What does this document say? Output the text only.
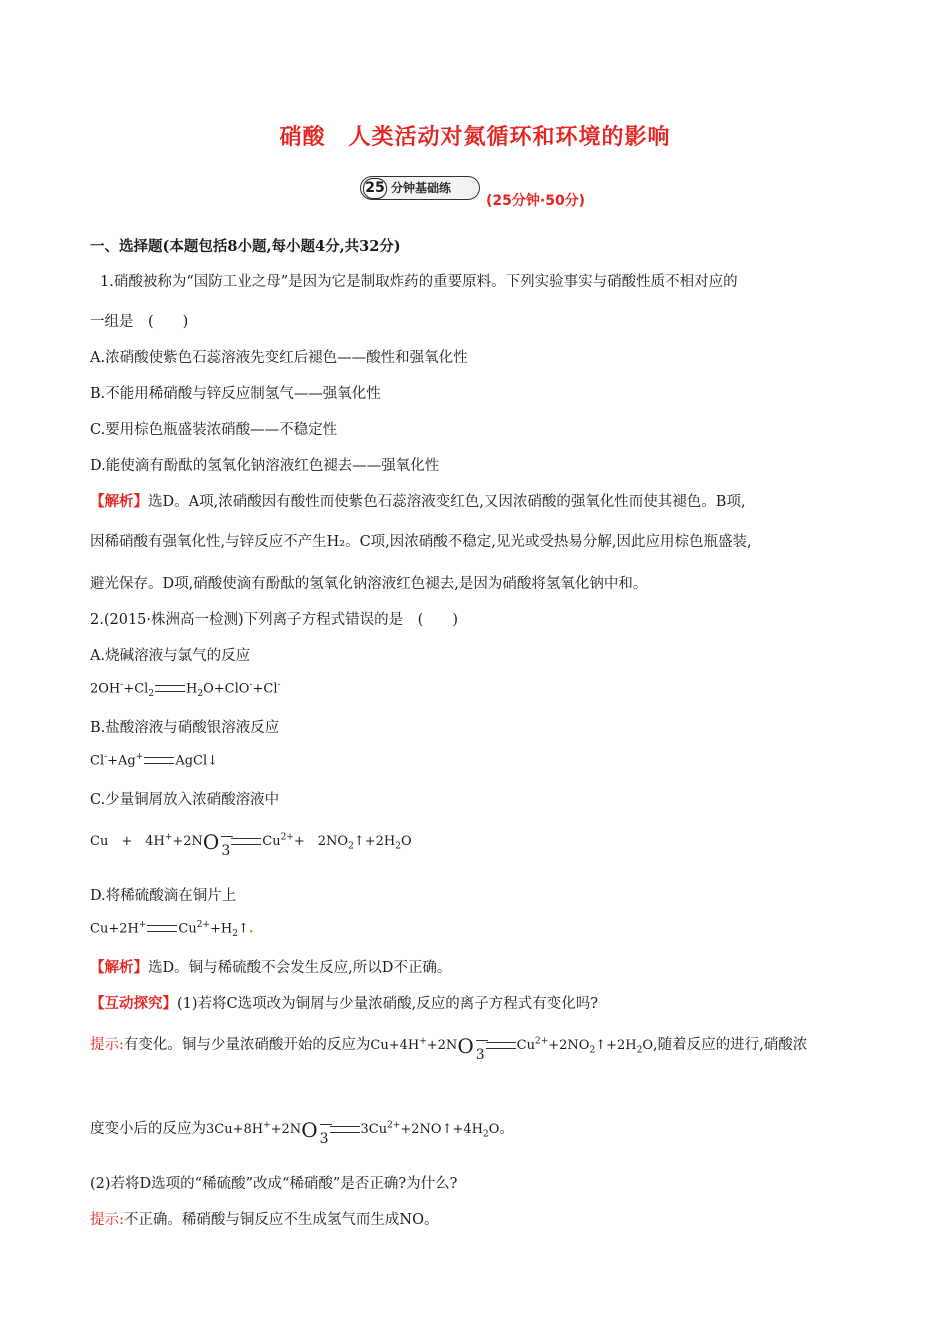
硝酸　人类活动对氮循环和环境的影响
25 分钟基础练
(25分钟·50分)
一、选择题(本题包括8小题,每小题4分,共32分)
1.硝酸被称为“国防工业之母”是因为它是制取炸药的重要原料。下列实验事实与硝酸性质不相对应的
一组是　(　　)
A.浓硝酸使紫色石蕊溶液先变红后褪色——酸性和强氧化性
B.不能用稀硝酸与锌反应制氢气——强氧化性
C.要用棕色瓶盛装浓硝酸——不稳定性
D.能使滴有酚酞的氢氧化钠溶液红色褪去——强氧化性
【解析】选D。A项,浓硝酸因有酸性而使紫色石蕊溶液变红色,又因浓硝酸的强氧化性而使其褪色。B项,
因稀硝酸有强氧化性,与锌反应不产生H₂。C项,因浓硝酸不稳定,见光或受热易分解,因此应用棕色瓶盛装,
避光保存。D项,硝酸使滴有酚酞的氢氧化钠溶液红色褪去,是因为硝酸将氢氧化钠中和。
2.(2015·株洲高一检测)下列离子方程式错误的是　(　　)
A.烧碱溶液与氯气的反应
$2OH^-+Cl_2$ $H_2O+ClO^-+Cl^-$
B.盐酸溶液与硝酸银溶液反应
Cl-+Ag+ AgCl↓
C.少量铜屑放入浓硝酸溶液中
Cu　+　4H++2NO $3Cu^{2+}+$　$2NO_2↑+2H_2O$
D.将稀硫酸滴在铜片上
Cu+2H+ $Cu^{2+}+H_2↑$.
【解析】选D。铜与稀硫酸不会发生反应,所以D不正确。
【互动探究】(1)若将C选项改为铜屑与少量浓硝酸,反应的离子方程式有变化吗?
提示:有变化。铜与少量浓硝酸开始的反应为Cu+4H++2NO $3Cu^{2+}+2NO_2↑+2H_2O$,随着反应的进行,硝酸浓
度变小后的反应为3Cu+8H++2NO $33Cu^{2+}+2NO↑+4H_2O$。
(2)若将D选项的“稀硫酸”改成“稀硝酸”是否正确?为什么?
提示:不正确。稀硝酸与铜反应不生成氢气而生成NO。
